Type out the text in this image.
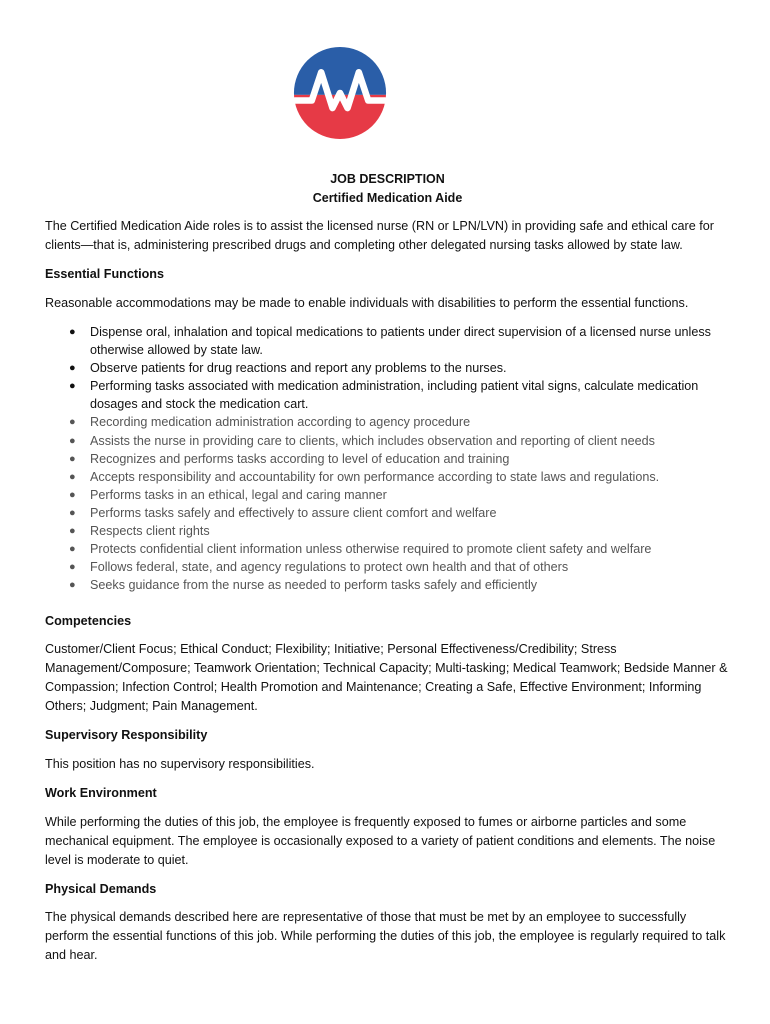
JOB DESCRIPTION
Certified Medication Aide
The Certified Medication Aide roles is to assist the licensed nurse (RN or LPN/LVN) in providing safe and ethical care for clients—that is, administering prescribed drugs and completing other delegated nursing tasks allowed by state law.
Essential Functions
Reasonable accommodations may be made to enable individuals with disabilities to perform the essential functions.
● Dispense oral, inhalation and topical medications to patients under direct supervision of a licensed nurse unless otherwise allowed by state law.
● Observe patients for drug reactions and report any problems to the nurses.
● Performing tasks associated with medication administration, including patient vital signs, calculate medication dosages and stock the medication cart.
● Recording medication administration according to agency procedure
● Assists the nurse in providing care to clients, which includes observation and reporting of client needs
● Recognizes and performs tasks according to level of education and training
● Accepts responsibility and accountability for own performance according to state laws and regulations.
● Performs tasks in an ethical, legal and caring manner
● Performs tasks safely and effectively to assure client comfort and welfare
● Respects client rights
● Protects confidential client information unless otherwise required to promote client safety and welfare
● Follows federal, state, and agency regulations to protect own health and that of others
● Seeks guidance from the nurse as needed to perform tasks safely and efficiently
Competencies
Customer/Client Focus; Ethical Conduct; Flexibility; Initiative; Personal Effectiveness/Credibility; Stress Management/Composure; Teamwork Orientation; Technical Capacity; Multi-tasking; Medical Teamwork; Bedside Manner & Compassion; Infection Control; Health Promotion and Maintenance; Creating a Safe, Effective Environment; Informing Others; Judgment; Pain Management.
Supervisory Responsibility
This position has no supervisory responsibilities.
Work Environment
While performing the duties of this job, the employee is frequently exposed to fumes or airborne particles and some mechanical equipment. The employee is occasionally exposed to a variety of patient conditions and elements. The noise level is moderate to quiet.
Physical Demands
The physical demands described here are representative of those that must be met by an employee to successfully perform the essential functions of this job. While performing the duties of this job, the employee is regularly required to talk and hear.
